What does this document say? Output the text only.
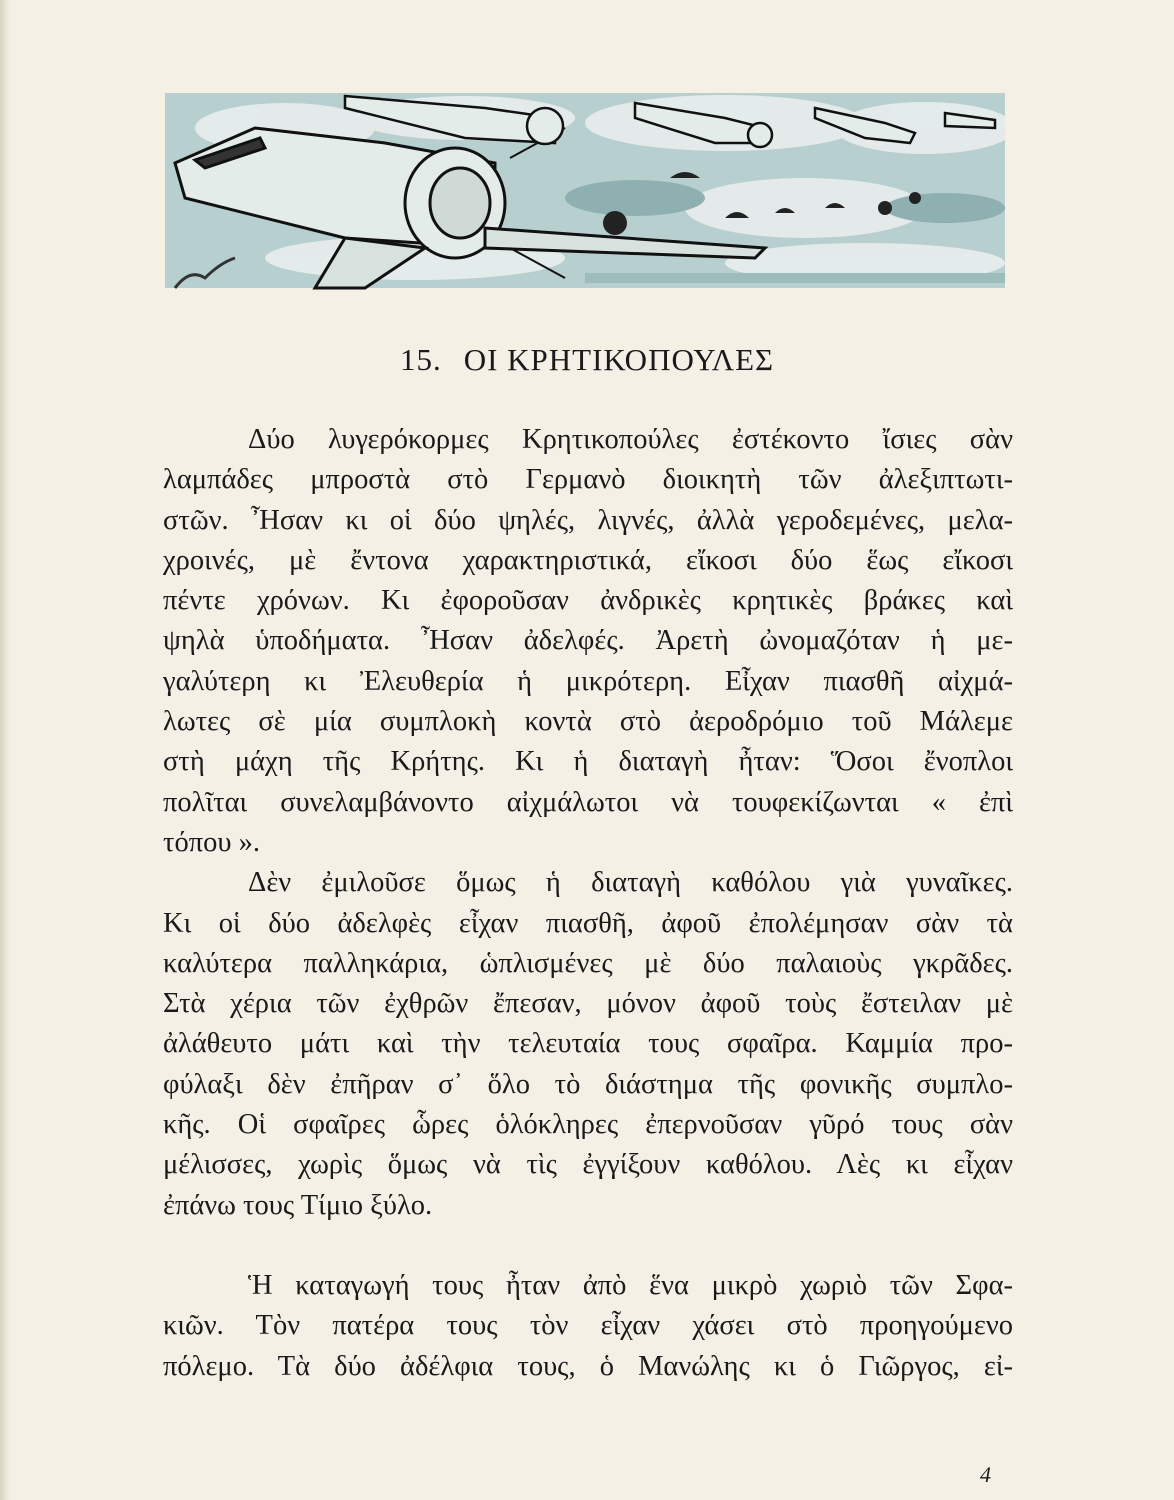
15. ΟΙ ΚΡΗΤΙΚΟΠΟΥΛΕΣ
Δύο λυγερόκορμες Κρητικοπούλες ἐστέκοντο ἴσιες σὰν
λαμπάδες μπροστὰ στὸ Γερμανὸ διοικητὴ τῶν ἀλεξιπτωτι-
στῶν. Ἦσαν κι οἱ δύο ψηλές, λιγνές, ἀλλὰ γεροδεμένες, μελα-
χροινές, μὲ ἔντονα χαρακτηριστικά, εἴκοσι δύο ἕως εἴκοσι
πέντε χρόνων. Κι ἐφοροῦσαν ἀνδρικὲς κρητικὲς βράκες καὶ
ψηλὰ ὑποδήματα. Ἦσαν ἀδελφές. Ἀρετὴ ὠνομαζόταν ἡ με-
γαλύτερη κι Ἐλευθερία ἡ μικρότερη. Εἶχαν πιασθῆ αἰχμά-
λωτες σὲ μία συμπλοκὴ κοντὰ στὸ ἀεροδρόμιο τοῦ Μάλεμε
στὴ μάχη τῆς Κρήτης. Κι ἡ διαταγὴ ἦταν: Ὅσοι ἔνοπλοι
πολῖται συνελαμβάνοντο αἰχμάλωτοι νὰ τουφεκίζωνται « ἐπὶ
τόπου ».
Δὲν ἐμιλοῦσε ὅμως ἡ διαταγὴ καθόλου γιὰ γυναῖκες.
Κι οἱ δύο ἀδελφὲς εἶχαν πιασθῆ, ἀφοῦ ἐπολέμησαν σὰν τὰ
καλύτερα παλληκάρια, ὡπλισμένες μὲ δύο παλαιοὺς γκρᾶδες.
Στὰ χέρια τῶν ἐχθρῶν ἔπεσαν, μόνον ἀφοῦ τοὺς ἔστειλαν μὲ
ἀλάθευτο μάτι καὶ τὴν τελευταία τους σφαῖρα. Καμμία προ-
φύλαξι δὲν ἐπῆραν σ᾿ ὅλο τὸ διάστημα τῆς φονικῆς συμπλο-
κῆς. Οἱ σφαῖρες ὧρες ὁλόκληρες ἐπερνοῦσαν γῦρό τους σὰν
μέλισσες, χωρὶς ὅμως νὰ τὶς ἐγγίξουν καθόλου. Λὲς κι εἶχαν
ἐπάνω τους Τίμιο ξύλο.
Ἡ καταγωγή τους ἦταν ἀπὸ ἕνα μικρὸ χωριὸ τῶν Σφα-
κιῶν. Τὸν πατέρα τους τὸν εἶχαν χάσει στὸ προηγούμενο
πόλεμο. Τὰ δύο ἀδέλφια τους, ὁ Μανώλης κι ὁ Γιῶργος, εἰ-
4
